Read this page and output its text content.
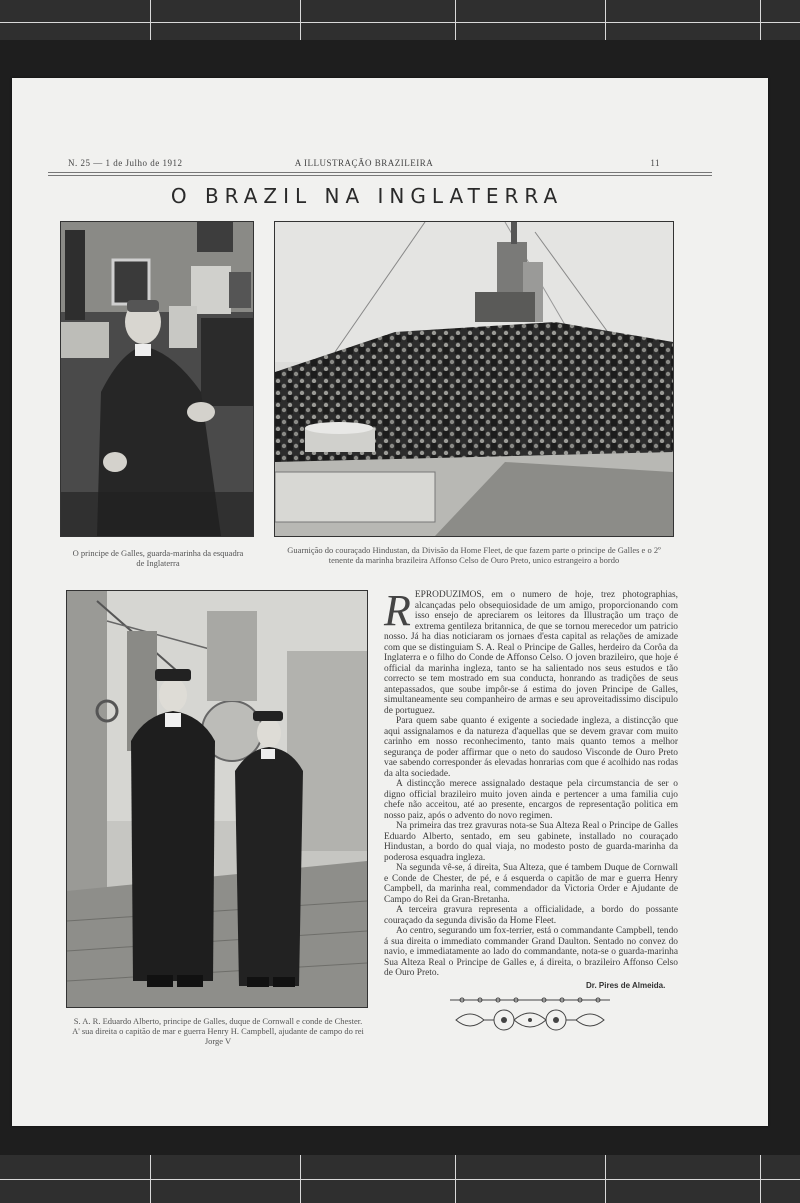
N. 25 — 1 de Julho de 1912	A ILLUSTRAÇÃO BRAZILEIRA	11
O BRAZIL NA INGLATERRA
O principe de Galles, guarda-marinha da esquadra de Inglaterra
Guarnição do couraçado Hindustan, da Divisão da Home Fleet, de que fazem parte o principe de Galles e o 2º tenente da marinha brazileira Affonso Celso de Ouro Preto, unico estrangeiro a bordo
S. A. R. Eduardo Alberto, principe de Galles, duque de Cornwall e conde de Chester. A' sua direita o capitão de mar e guerra Henry H. Campbell, ajudante de campo do rei Jorge V

REPRODUZIMOS, em o numero de hoje, trez photographias, alcançadas pelo obsequiosidade de um amigo, proporcionando com isso ensejo de apreciarem os leitores da Illustração um traço de extrema gentileza britannica, de que se tornou merecedor um patricio nosso. Já ha dias noticiaram os jornaes d'esta capital as relações de amizade com que se distinguiam S. A. Real o Principe de Galles, herdeiro da Corôa da Inglaterra e o filho do Conde de Affonso Celso. O joven brazileiro, que hoje é official da marinha ingleza, tanto se ha salientado nos seus estudos e tão correcto se tem mostrado em sua conducta, honrando as tradições de seus antepassados, que soube impôr-se á estima do joven Principe de Galles, simultaneamente seu companheiro de armas e seu aproveitadissimo discipulo de portuguez.

Para quem sabe quanto é exigente a sociedade ingleza, a distincção que aqui assignalamos e da natureza d'aquellas que se devem gravar com muito carinho em nosso reconhecimento, tanto mais quanto temos a melhor segurança de poder affirmar que o neto do saudoso Visconde de Ouro Preto vae sabendo corresponder ás elevadas honrarias com que é acolhido nas rodas da alta sociedade.

A distincção merece assignalado destaque pela circumstancia de ser o digno official brazileiro muito joven ainda e pertencer a uma familia cujo chefe não acceitou, até ao presente, encargos de representação politica em nosso paiz, após o advento do novo regimen.

Na primeira das trez gravuras nota-se Sua Alteza Real o Principe de Galles Eduardo Alberto, sentado, em seu gabinete, installado no couraçado Hindustan, a bordo do qual viaja, no modesto posto de guarda-marinha da poderosa esquadra ingleza.

Na segunda vê-se, á direita, Sua Alteza, que é tambem Duque de Cornwall e Conde de Chester, de pé, e á esquerda o capitão de mar e guerra Henry Campbell, da marinha real, commendador da Victoria Order e Ajudante de Campo do Rei da Gran-Bretanha.

A terceira gravura representa a officialidade, a bordo do possante couraçado da segunda divisão da Home Fleet.

Ao centro, segurando um fox-terrier, está o commandante Campbell, tendo á sua direita o immediato commander Grand Daulton. Sentado no convez do navio, e immediatamente ao lado do commandante, nota-se o guarda-marinha Sua Alteza Real o Principe de Galles e, á direita, o brazileiro Affonso Celso de Ouro Preto.

Dr. Pires de Almeida.
